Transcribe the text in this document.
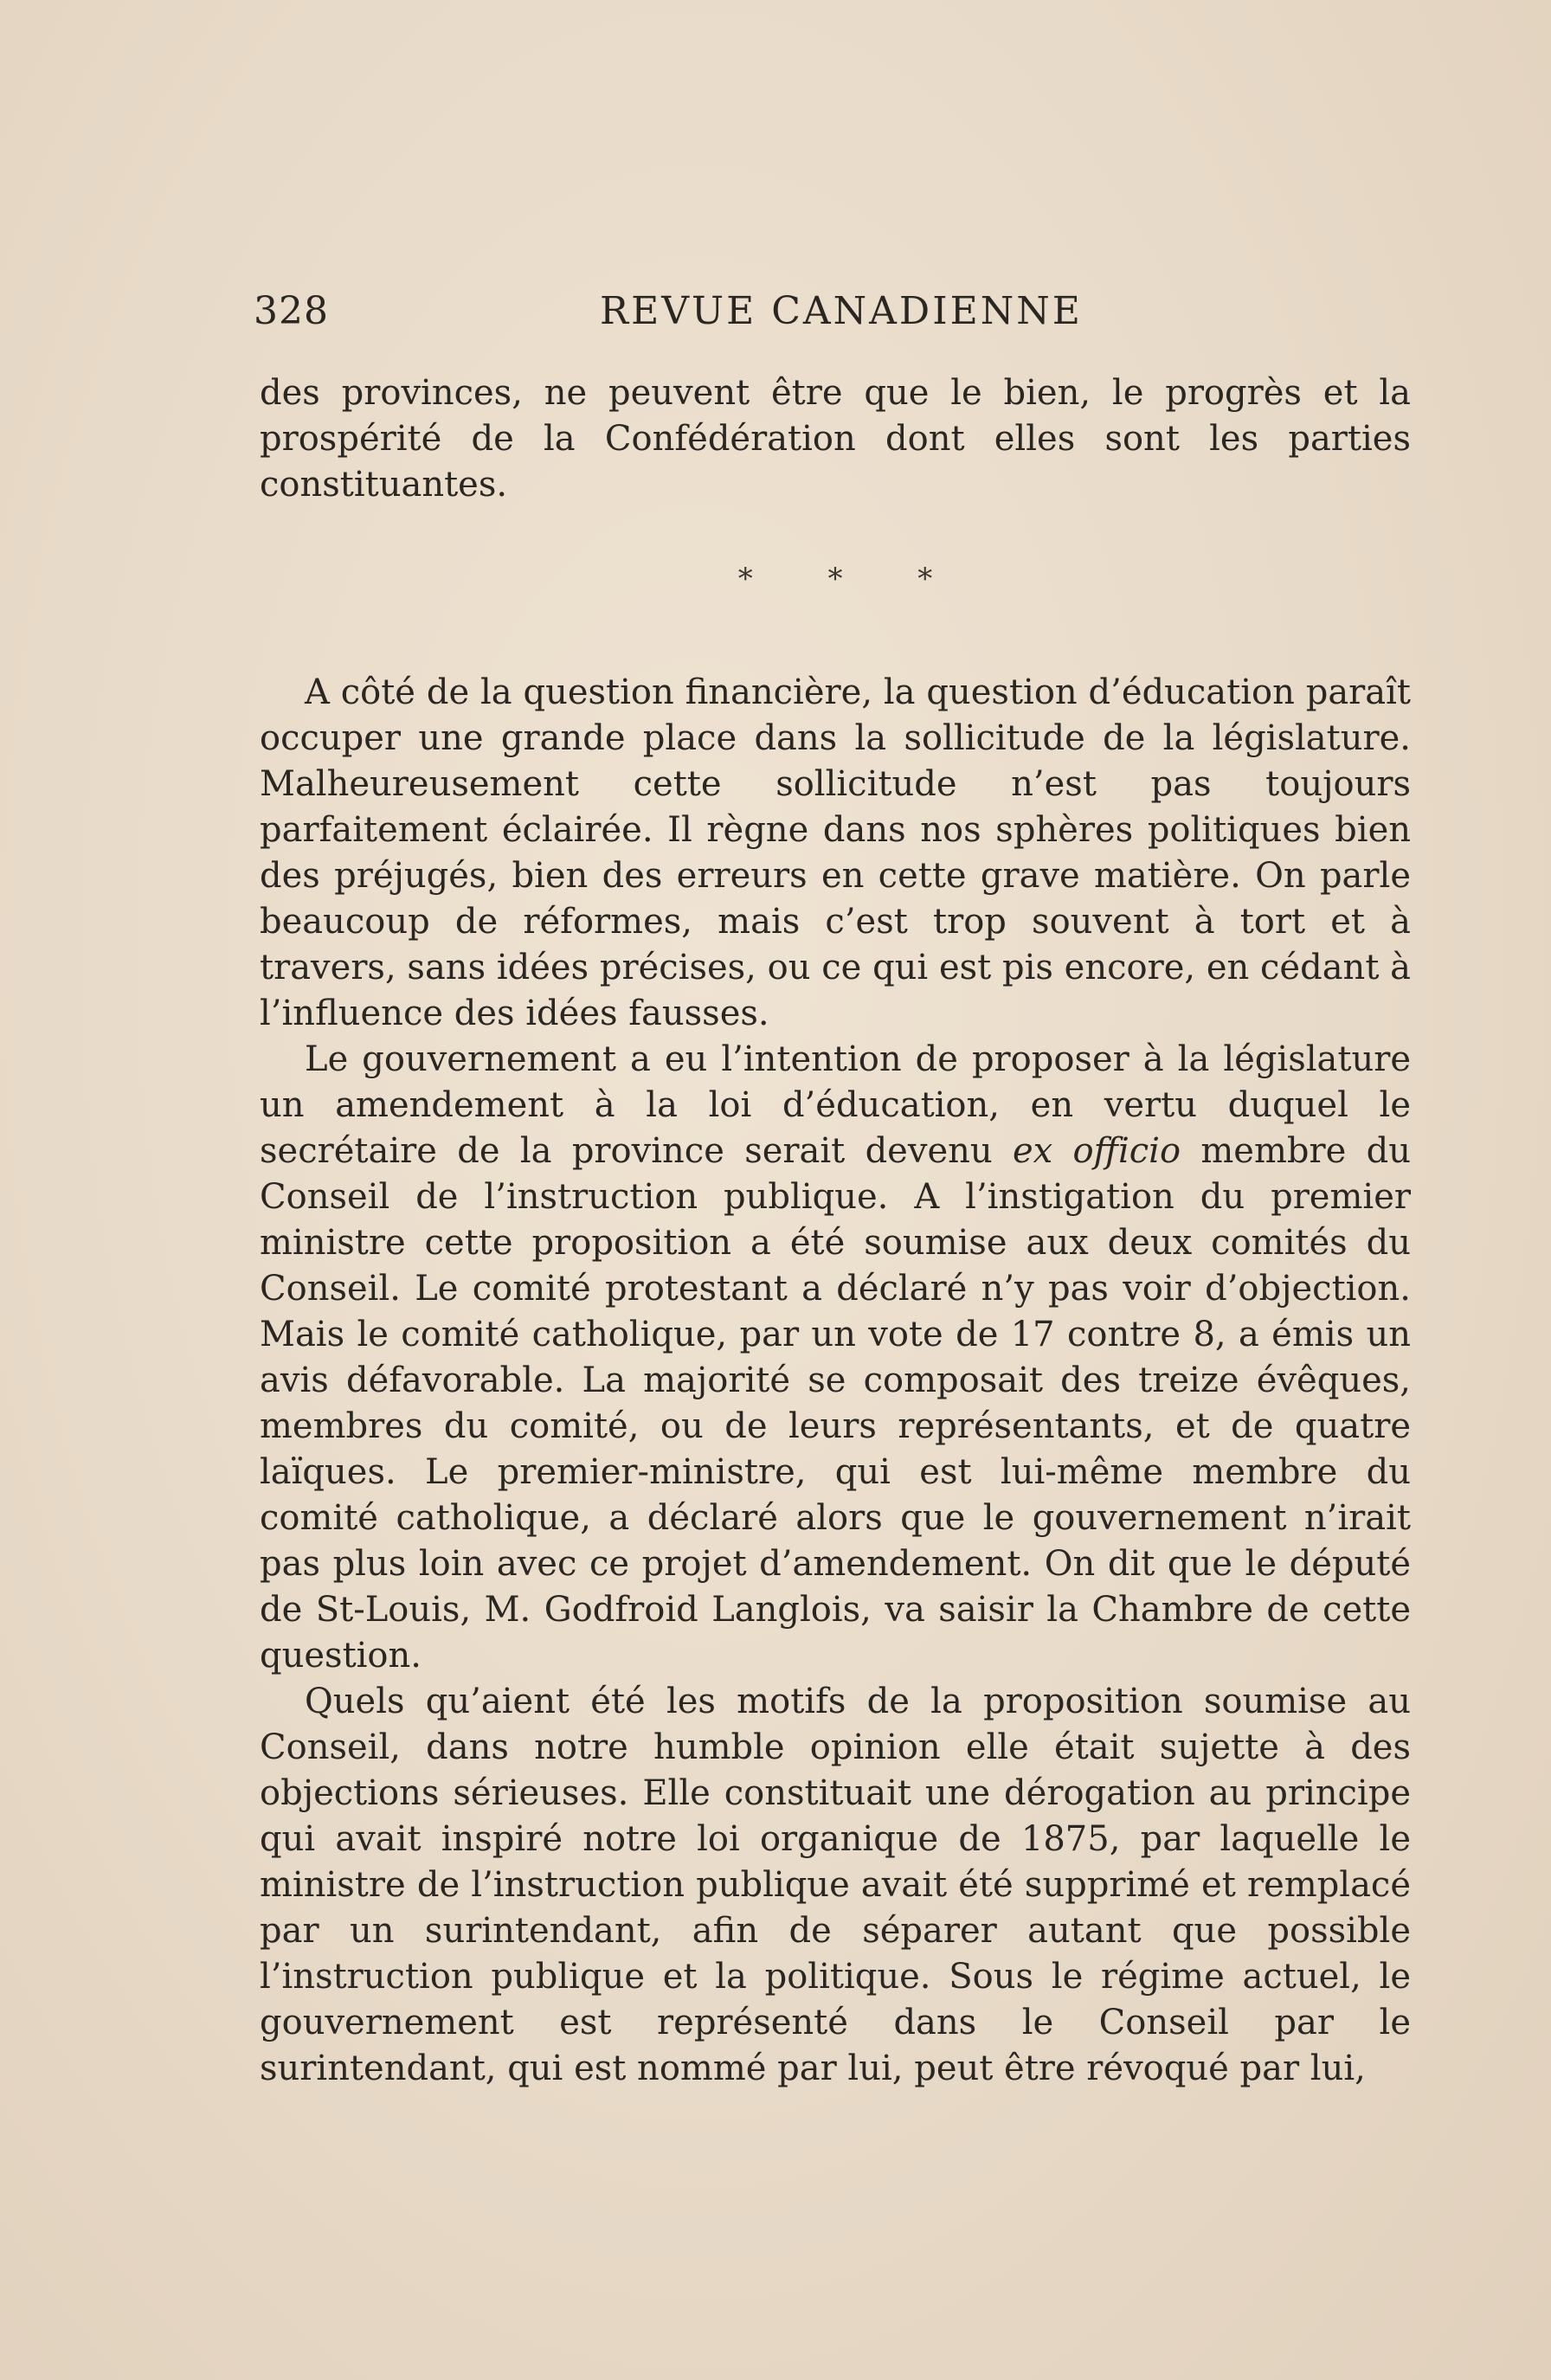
328	REVUE CANADIENNE

des provinces, ne peuvent être que le bien, le progrès et la prospérité de la Confédération dont elles sont les parties constituantes.

* * *

A côté de la question financière, la question d’éducation paraît occuper une grande place dans la sollicitude de la législature. Malheureusement cette sollicitude n’est pas toujours parfaitement éclairée. Il règne dans nos sphères politiques bien des préjugés, bien des erreurs en cette grave matière. On parle beaucoup de réformes, mais c’est trop souvent à tort et à travers, sans idées précises, ou ce qui est pis encore, en cédant à l’influence des idées fausses.

Le gouvernement a eu l’intention de proposer à la législature un amendement à la loi d’éducation, en vertu duquel le secrétaire de la province serait devenu ex officio membre du Conseil de l’instruction publique. A l’instigation du premier ministre cette proposition a été soumise aux deux comités du Conseil. Le comité protestant a déclaré n’y pas voir d’objection. Mais le comité catholique, par un vote de 17 contre 8, a émis un avis défavorable. La majorité se composait des treize évêques, membres du comité, ou de leurs représentants, et de quatre laïques. Le premier-ministre, qui est lui-même membre du comité catholique, a déclaré alors que le gouvernement n’irait pas plus loin avec ce projet d’amendement. On dit que le député de St-Louis, M. Godfroid Langlois, va saisir la Chambre de cette question.

Quels qu’aient été les motifs de la proposition soumise au Conseil, dans notre humble opinion elle était sujette à des objections sérieuses. Elle constituait une dérogation au principe qui avait inspiré notre loi organique de 1875, par laquelle le ministre de l’instruction publique avait été supprimé et remplacé par un surintendant, afin de séparer autant que possible l’instruction publique et la politique. Sous le régime actuel, le gouvernement est représenté dans le Conseil par le surintendant, qui est nommé par lui, peut être révoqué par lui,
